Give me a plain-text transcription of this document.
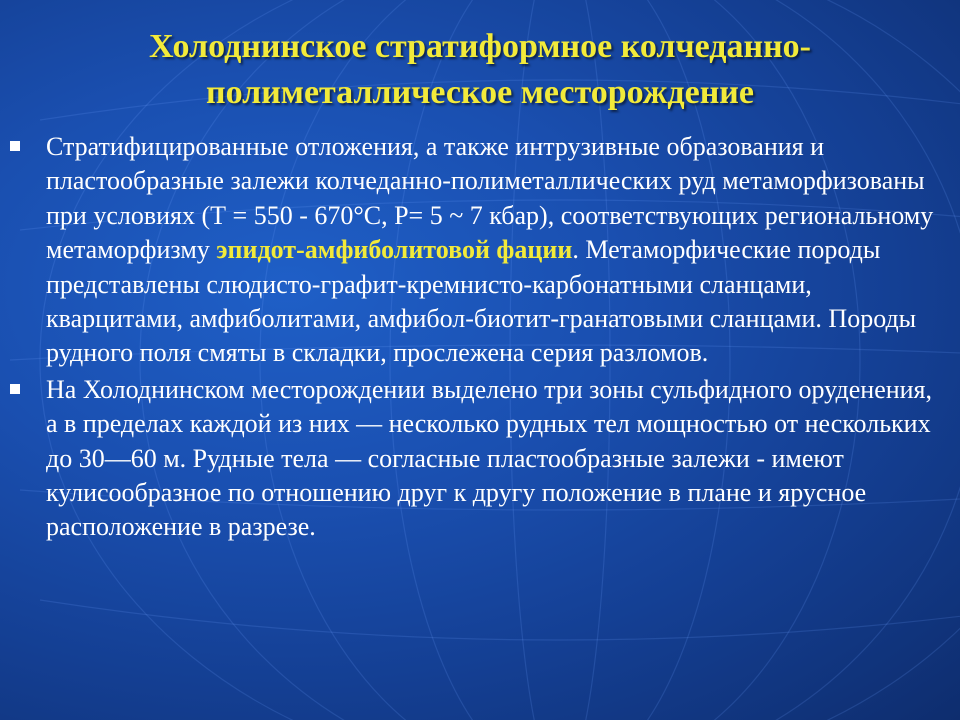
Холоднинское стратиформное колчеданно-
полиметаллическое месторождение
Стратифицированные отложения, а также интрузивные образования и пластообразные залежи колчеданно-полиметаллических руд метаморфизованы при условиях (Т = 550 - 670°С, Р= 5 ~ 7 кбар), соответствующих региональному метаморфизму эпидот-амфиболитовой фации. Метаморфические породы представлены слюдисто-графит-кремнисто-карбонатными сланцами, кварцитами, амфиболитами, амфибол-биотит-гранатовыми сланцами. Породы рудного поля смяты в складки, прослежена серия разломов.
На Холоднинском месторождении выделено три зоны сульфидного оруденения, а в пределах каждой из них — несколько рудных тел мощностью от нескольких до 30—60 м. Рудные тела — согласные пластообразные залежи - имеют кулисообразное по отношению друг к другу положение в плане и ярусное расположение в разрезе.
